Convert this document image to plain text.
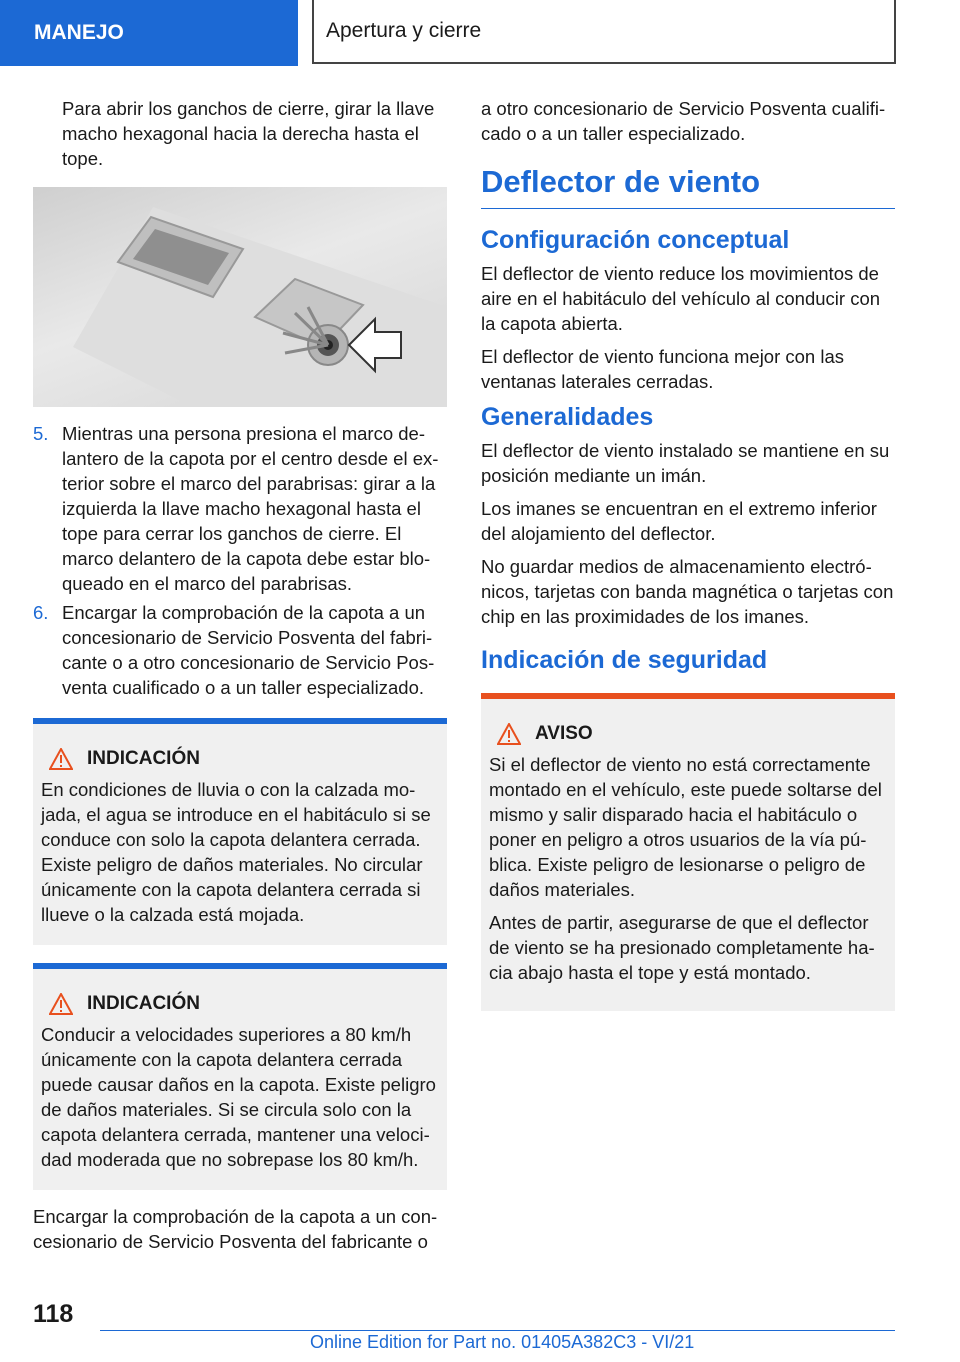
MANEJO	Apertura y cierre

Para abrir los ganchos de cierre, girar la llave macho hexagonal hacia la derecha hasta el tope.

5. Mientras una persona presiona el marco de-lantero de la capota por el centro desde el ex-terior sobre el marco del parabrisas: girar a la izquierda la llave macho hexagonal hasta el tope para cerrar los ganchos de cierre. El marco delantero de la capota debe estar blo-queado en el marco del parabrisas.
6. Encargar la comprobación de la capota a un concesionario de Servicio Posventa del fabri-cante o a otro concesionario de Servicio Pos-venta cualificado o a un taller especializado.
INDICACIÓN
En condiciones de lluvia o con la calzada mo-jada, el agua se introduce en el habitáculo si se conduce con solo la capota delantera cerrada. Existe peligro de daños materiales. No circular únicamente con la capota delantera cerrada si llueve o la calzada está mojada.
INDICACIÓN
Conducir a velocidades superiores a 80 km/h únicamente con la capota delantera cerrada puede causar daños en la capota. Existe peligro de daños materiales. Si se circula solo con la capota delantera cerrada, mantener una veloci-dad moderada que no sobrepase los 80 km/h.

Encargar la comprobación de la capota a un con-cesionario de Servicio Posventa del fabricante o

a otro concesionario de Servicio Posventa cualifi-cado o a un taller especializado.

Deflector de viento
Configuración conceptual

El deflector de viento reduce los movimientos de aire en el habitáculo del vehículo al conducir con la capota abierta.

El deflector de viento funciona mejor con las ventanas laterales cerradas.

Generalidades

El deflector de viento instalado se mantiene en su posición mediante un imán.

Los imanes se encuentran en el extremo inferior del alojamiento del deflector.

No guardar medios de almacenamiento electró-nicos, tarjetas con banda magnética o tarjetas con chip en las proximidades de los imanes.

Indicación de seguridad
AVISO

Si el deflector de viento no está correctamente montado en el vehículo, este puede soltarse del mismo y salir disparado hacia el habitáculo o poner en peligro a otros usuarios de la vía pú-blica. Existe peligro de lesionarse o peligro de daños materiales.

Antes de partir, asegurarse de que el deflector de viento se ha presionado completamente ha-cia abajo hasta el tope y está montado.

118
Online Edition for Part no. 01405A382C3 - VI/21
